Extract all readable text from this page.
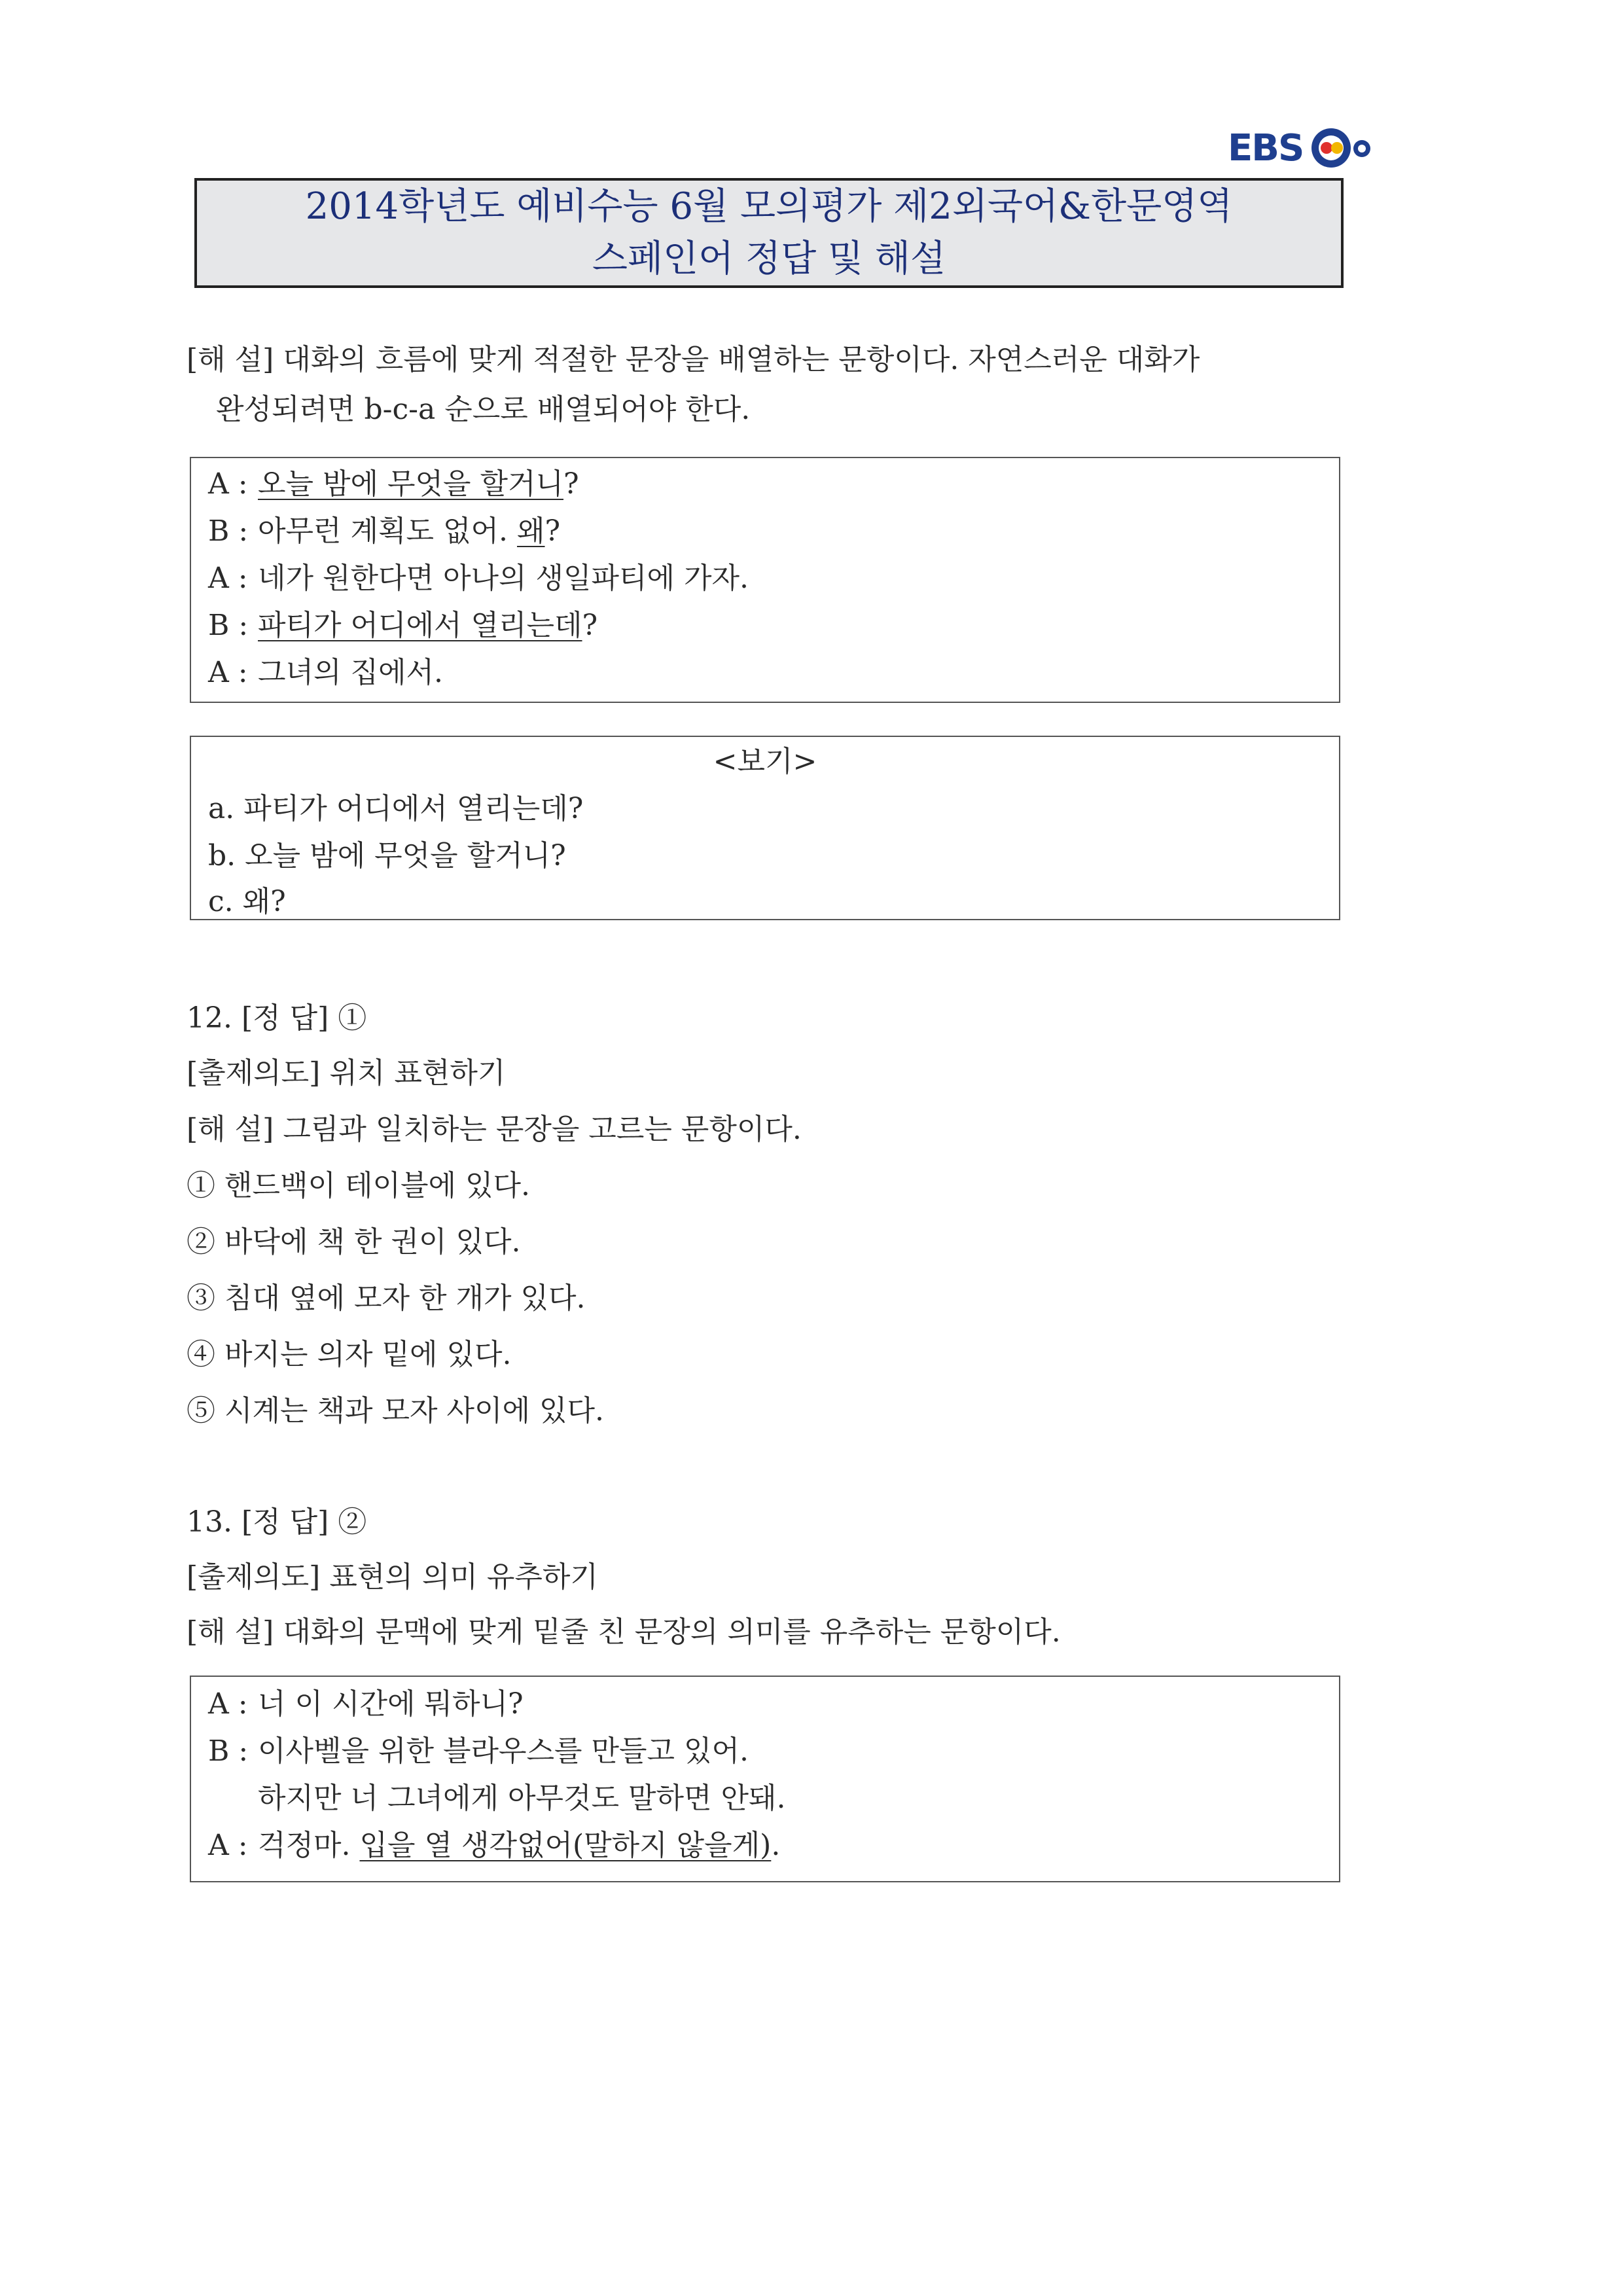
EBS
2014학년도 예비수능 6월 모의평가 제2외국어&한문영역
스페인어 정답 및 해설
[해 설] 대화의 흐름에 맞게 적절한 문장을 배열하는 문항이다. 자연스러운 대화가
완성되려면 b-c-a 순으로 배열되어야 한다.
A : 오늘 밤에 무엇을 할거니?
B : 아무런 계획도 없어. 왜?
A : 네가 원한다면 아나의 생일파티에 가자.
B : 파티가 어디에서 열리는데?
A : 그녀의 집에서.
<보기>
a. 파티가 어디에서 열리는데?
b. 오늘 밤에 무엇을 할거니?
c. 왜?
12. [정 답] ①
[출제의도] 위치 표현하기
[해 설] 그림과 일치하는 문장을 고르는 문항이다.
① 핸드백이 테이블에 있다.
② 바닥에 책 한 권이 있다.
③ 침대 옆에 모자 한 개가 있다.
④ 바지는 의자 밑에 있다.
⑤ 시계는 책과 모자 사이에 있다.
13. [정 답] ②
[출제의도] 표현의 의미 유추하기
[해 설] 대화의 문맥에 맞게 밑줄 친 문장의 의미를 유추하는 문항이다.
A : 너 이 시간에 뭐하니?
B : 이사벨을 위한 블라우스를 만들고 있어.
하지만 너 그녀에게 아무것도 말하면 안돼.
A : 걱정마. 입을 열 생각없어(말하지 않을게).
